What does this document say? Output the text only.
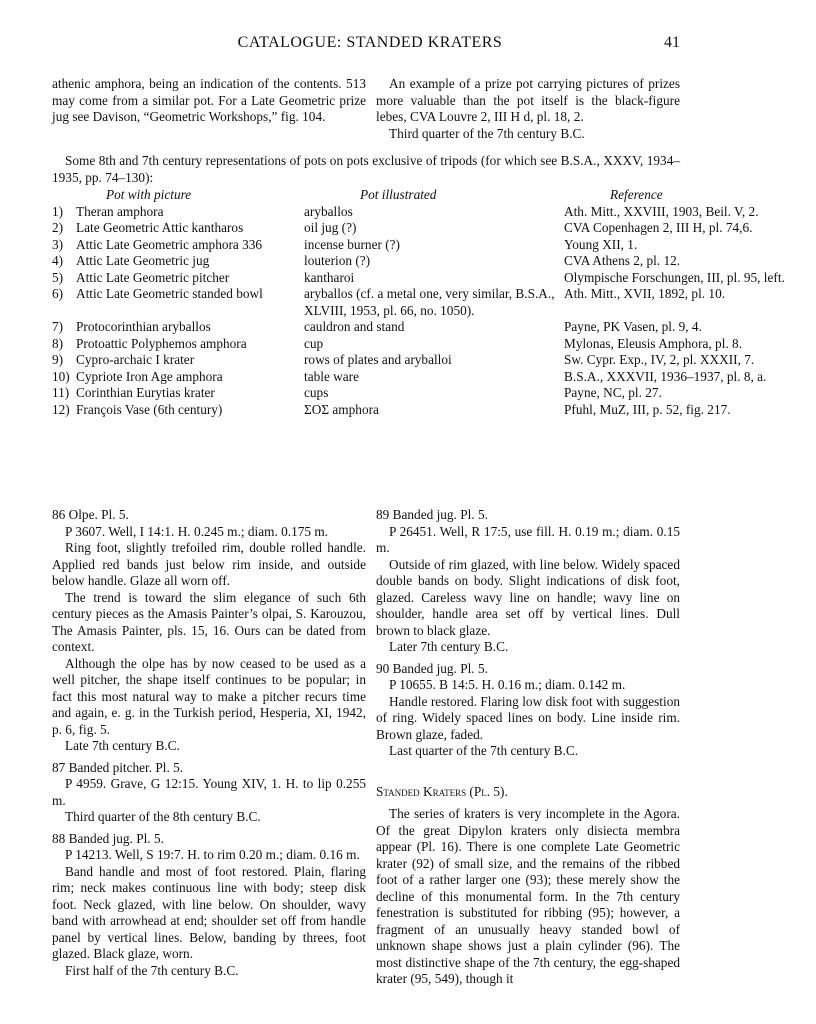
CATALOGUE: STANDED KRATERS	41

athenic amphora, being an indication of the contents. 513 may come from a similar pot. For a Late Geometric prize jug see Davison, “Geometric Workshops,” fig. 104.

An example of a prize pot carrying pictures of prizes more valuable than the pot itself is the black-figure lebes, CVA Louvre 2, III H d, pl. 18, 2.

Third quarter of the 7th century B.C.

Some 8th and 7th century representations of pots on pots exclusive of tripods (for which see B.S.A., XXXV, 1934–1935, pp. 74–130):

	Pot with picture	Pot illustrated	Reference
1)	Theran amphora	aryballos	Ath. Mitt., XXVIII, 1903, Beil. V, 2.
2)	Late Geometric Attic kantharos	oil jug (?)	CVA Copenhagen 2, III H, pl. 74,6.
3)	Attic Late Geometric amphora 336	incense burner (?)	Young XII, 1.
4)	Attic Late Geometric jug	louterion (?)	CVA Athens 2, pl. 12.
5)	Attic Late Geometric pitcher	kantharoi	Olympische Forschungen, III, pl. 95, left.
6)	Attic Late Geometric standed bowl	aryballos (cf. a metal one, very similar, B.S.A., XLVIII, 1953, pl. 66, no. 1050).	Ath. Mitt., XVII, 1892, pl. 10.
7)	Protocorinthian aryballos	cauldron and stand	Payne, PK Vasen, pl. 9, 4.
8)	Protoattic Polyphemos amphora	cup	Mylonas, Eleusis Amphora, pl. 8.
9)	Cypro-archaic I krater	rows of plates and aryballoi	Sw. Cypr. Exp., IV, 2, pl. XXXII, 7.
10)	Cypriote Iron Age amphora	table ware	B.S.A., XXXVII, 1936–1937, pl. 8, a.
11)	Corinthian Eurytias krater	cups	Payne, NC, pl. 27.
12)	François Vase (6th century)	ΣΟΣ amphora	Pfuhl, MuZ, III, p. 52, fig. 217.

86 Olpe. Pl. 5.

P 3607. Well, I 14:1. H. 0.245 m.; diam. 0.175 m.

Ring foot, slightly trefoiled rim, double rolled handle. Applied red bands just below rim inside, and outside below handle. Glaze all worn off.

The trend is toward the slim elegance of such 6th century pieces as the Amasis Painter’s olpai, S. Karouzou, The Amasis Painter, pls. 15, 16. Ours can be dated from context.

Although the olpe has by now ceased to be used as a well pitcher, the shape itself continues to be popular; in fact this most natural way to make a pitcher recurs time and again, e. g. in the Turkish period, Hesperia, XI, 1942, p. 6, fig. 5.

Late 7th century B.C.

87 Banded pitcher. Pl. 5.

P 4959. Grave, G 12:15. Young XIV, 1. H. to lip 0.255 m.

Third quarter of the 8th century B.C.

88 Banded jug. Pl. 5.

P 14213. Well, S 19:7. H. to rim 0.20 m.; diam. 0.16 m.

Band handle and most of foot restored. Plain, flaring rim; neck makes continuous line with body; steep disk foot. Neck glazed, with line below. On shoulder, wavy band with arrowhead at end; shoulder set off from handle panel by vertical lines. Below, banding by threes, foot glazed. Black glaze, worn.

First half of the 7th century B.C.

89 Banded jug. Pl. 5.

P 26451. Well, R 17:5, use fill. H. 0.19 m.; diam. 0.15 m.

Outside of rim glazed, with line below. Widely spaced double bands on body. Slight indications of disk foot, glazed. Careless wavy line on handle; wavy line on shoulder, handle area set off by vertical lines. Dull brown to black glaze.

Later 7th century B.C.

90 Banded jug. Pl. 5.

P 10655. B 14:5. H. 0.16 m.; diam. 0.142 m.

Handle restored. Flaring low disk foot with suggestion of ring. Widely spaced lines on body. Line inside rim. Brown glaze, faded.

Last quarter of the 7th century B.C.

Standed Kraters (Pl. 5).

The series of kraters is very incomplete in the Agora. Of the great Dipylon kraters only disiecta membra appear (Pl. 16). There is one complete Late Geometric krater (92) of small size, and the remains of the ribbed foot of a rather larger one (93); these merely show the decline of this monumental form. In the 7th century fenestration is substituted for ribbing (95); however, a fragment of an unusually heavy standed bowl of unknown shape shows just a plain cylinder (96). The most distinctive shape of the 7th century, the egg-shaped krater (95, 549), though it
